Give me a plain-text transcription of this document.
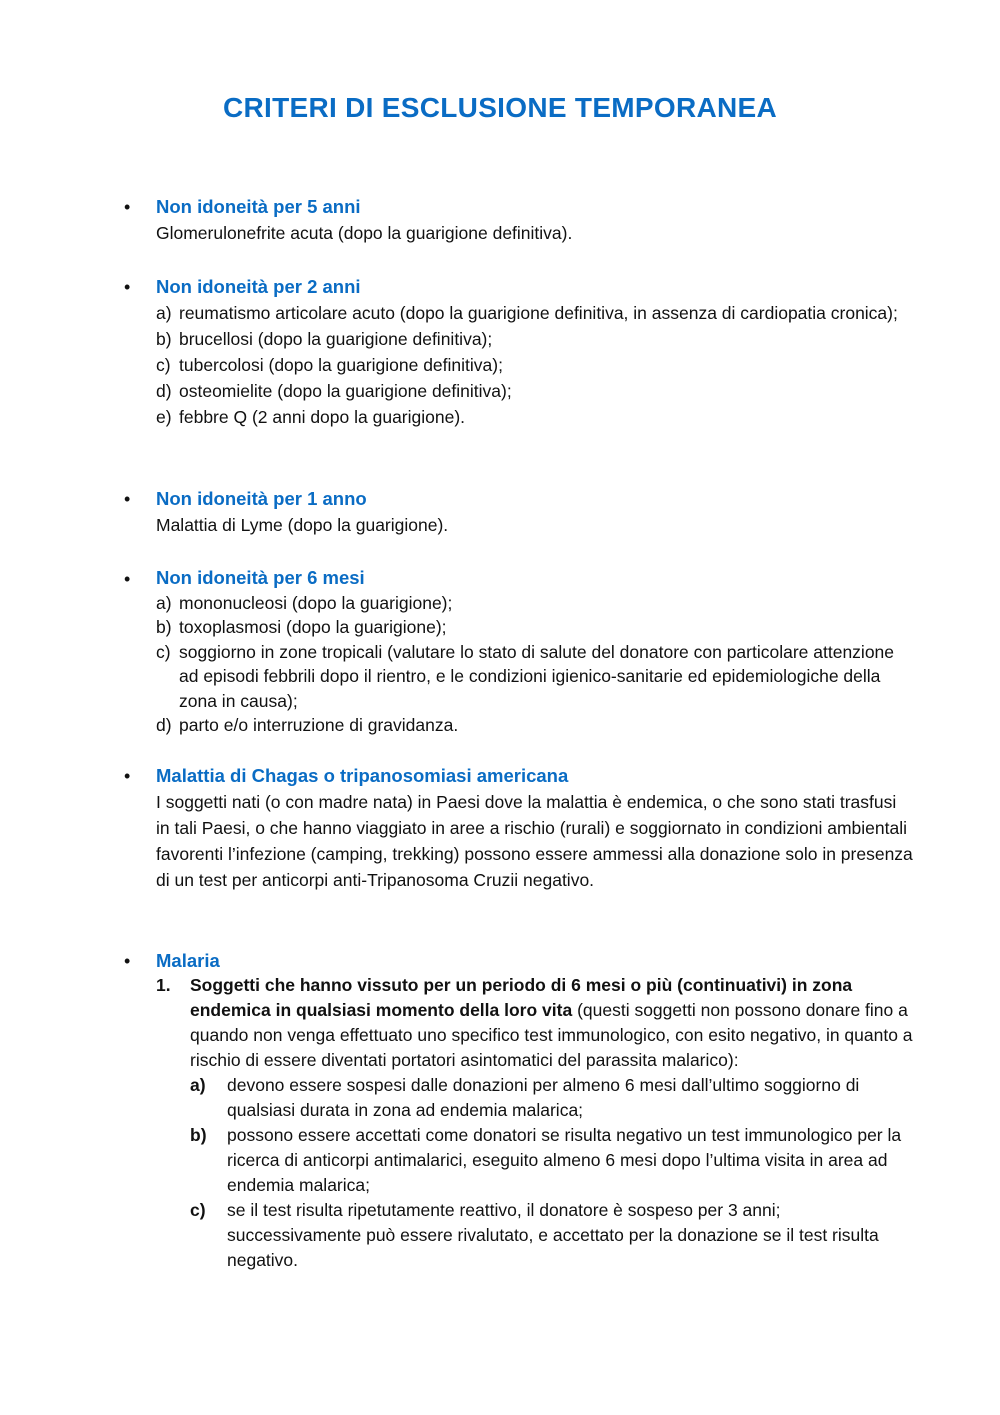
CRITERI DI ESCLUSIONE TEMPORANEA
•	Non idoneità per 5 anni
Glomerulonefrite acuta (dopo la guarigione definitiva).
•	Non idoneità per 2 anni
a) reumatismo articolare acuto (dopo la guarigione definitiva, in assenza di cardiopatia cronica);
b) brucellosi (dopo la guarigione definitiva);
c) tubercolosi (dopo la guarigione definitiva);
d) osteomielite (dopo la guarigione definitiva);
e) febbre Q (2 anni dopo la guarigione).
•	Non idoneità per 1 anno
Malattia di Lyme (dopo la guarigione).
•	Non idoneità per 6 mesi
a) mononucleosi (dopo la guarigione);
b) toxoplasmosi (dopo la guarigione);
c) soggiorno in zone tropicali (valutare lo stato di salute del donatore con particolare attenzione ad episodi febbrili dopo il rientro, e le condizioni igienico-sanitarie ed epidemiologiche della zona in causa);
d) parto e/o interruzione di gravidanza.
•	Malattia di Chagas o tripanosomiasi americana
I soggetti nati (o con madre nata) in Paesi dove la malattia è endemica, o che sono stati trasfusi in tali Paesi, o che hanno viaggiato in aree a rischio (rurali) e soggiornato in condizioni ambientali favorenti l’infezione (camping, trekking) possono essere ammessi alla donazione solo in presenza di un test per anticorpi anti-Tripanosoma Cruzii negativo.
•	Malaria
1. Soggetti che hanno vissuto per un periodo di 6 mesi o più (continuativi) in zona endemica in qualsiasi momento della loro vita (questi soggetti non possono donare fino a quando non venga effettuato uno specifico test immunologico, con esito negativo, in quanto a rischio di essere diventati portatori asintomatici del parassita malarico):
a) devono essere sospesi dalle donazioni per almeno 6 mesi dall’ultimo soggiorno di qualsiasi durata in zona ad endemia malarica;
b) possono essere accettati come donatori se risulta negativo un test immunologico per la ricerca di anticorpi antimalarici, eseguito almeno 6 mesi dopo l’ultima visita in area ad endemia malarica;
c) se il test risulta ripetutamente reattivo, il donatore è sospeso per 3 anni; successivamente può essere rivalutato, e accettato per la donazione se il test risulta negativo.
